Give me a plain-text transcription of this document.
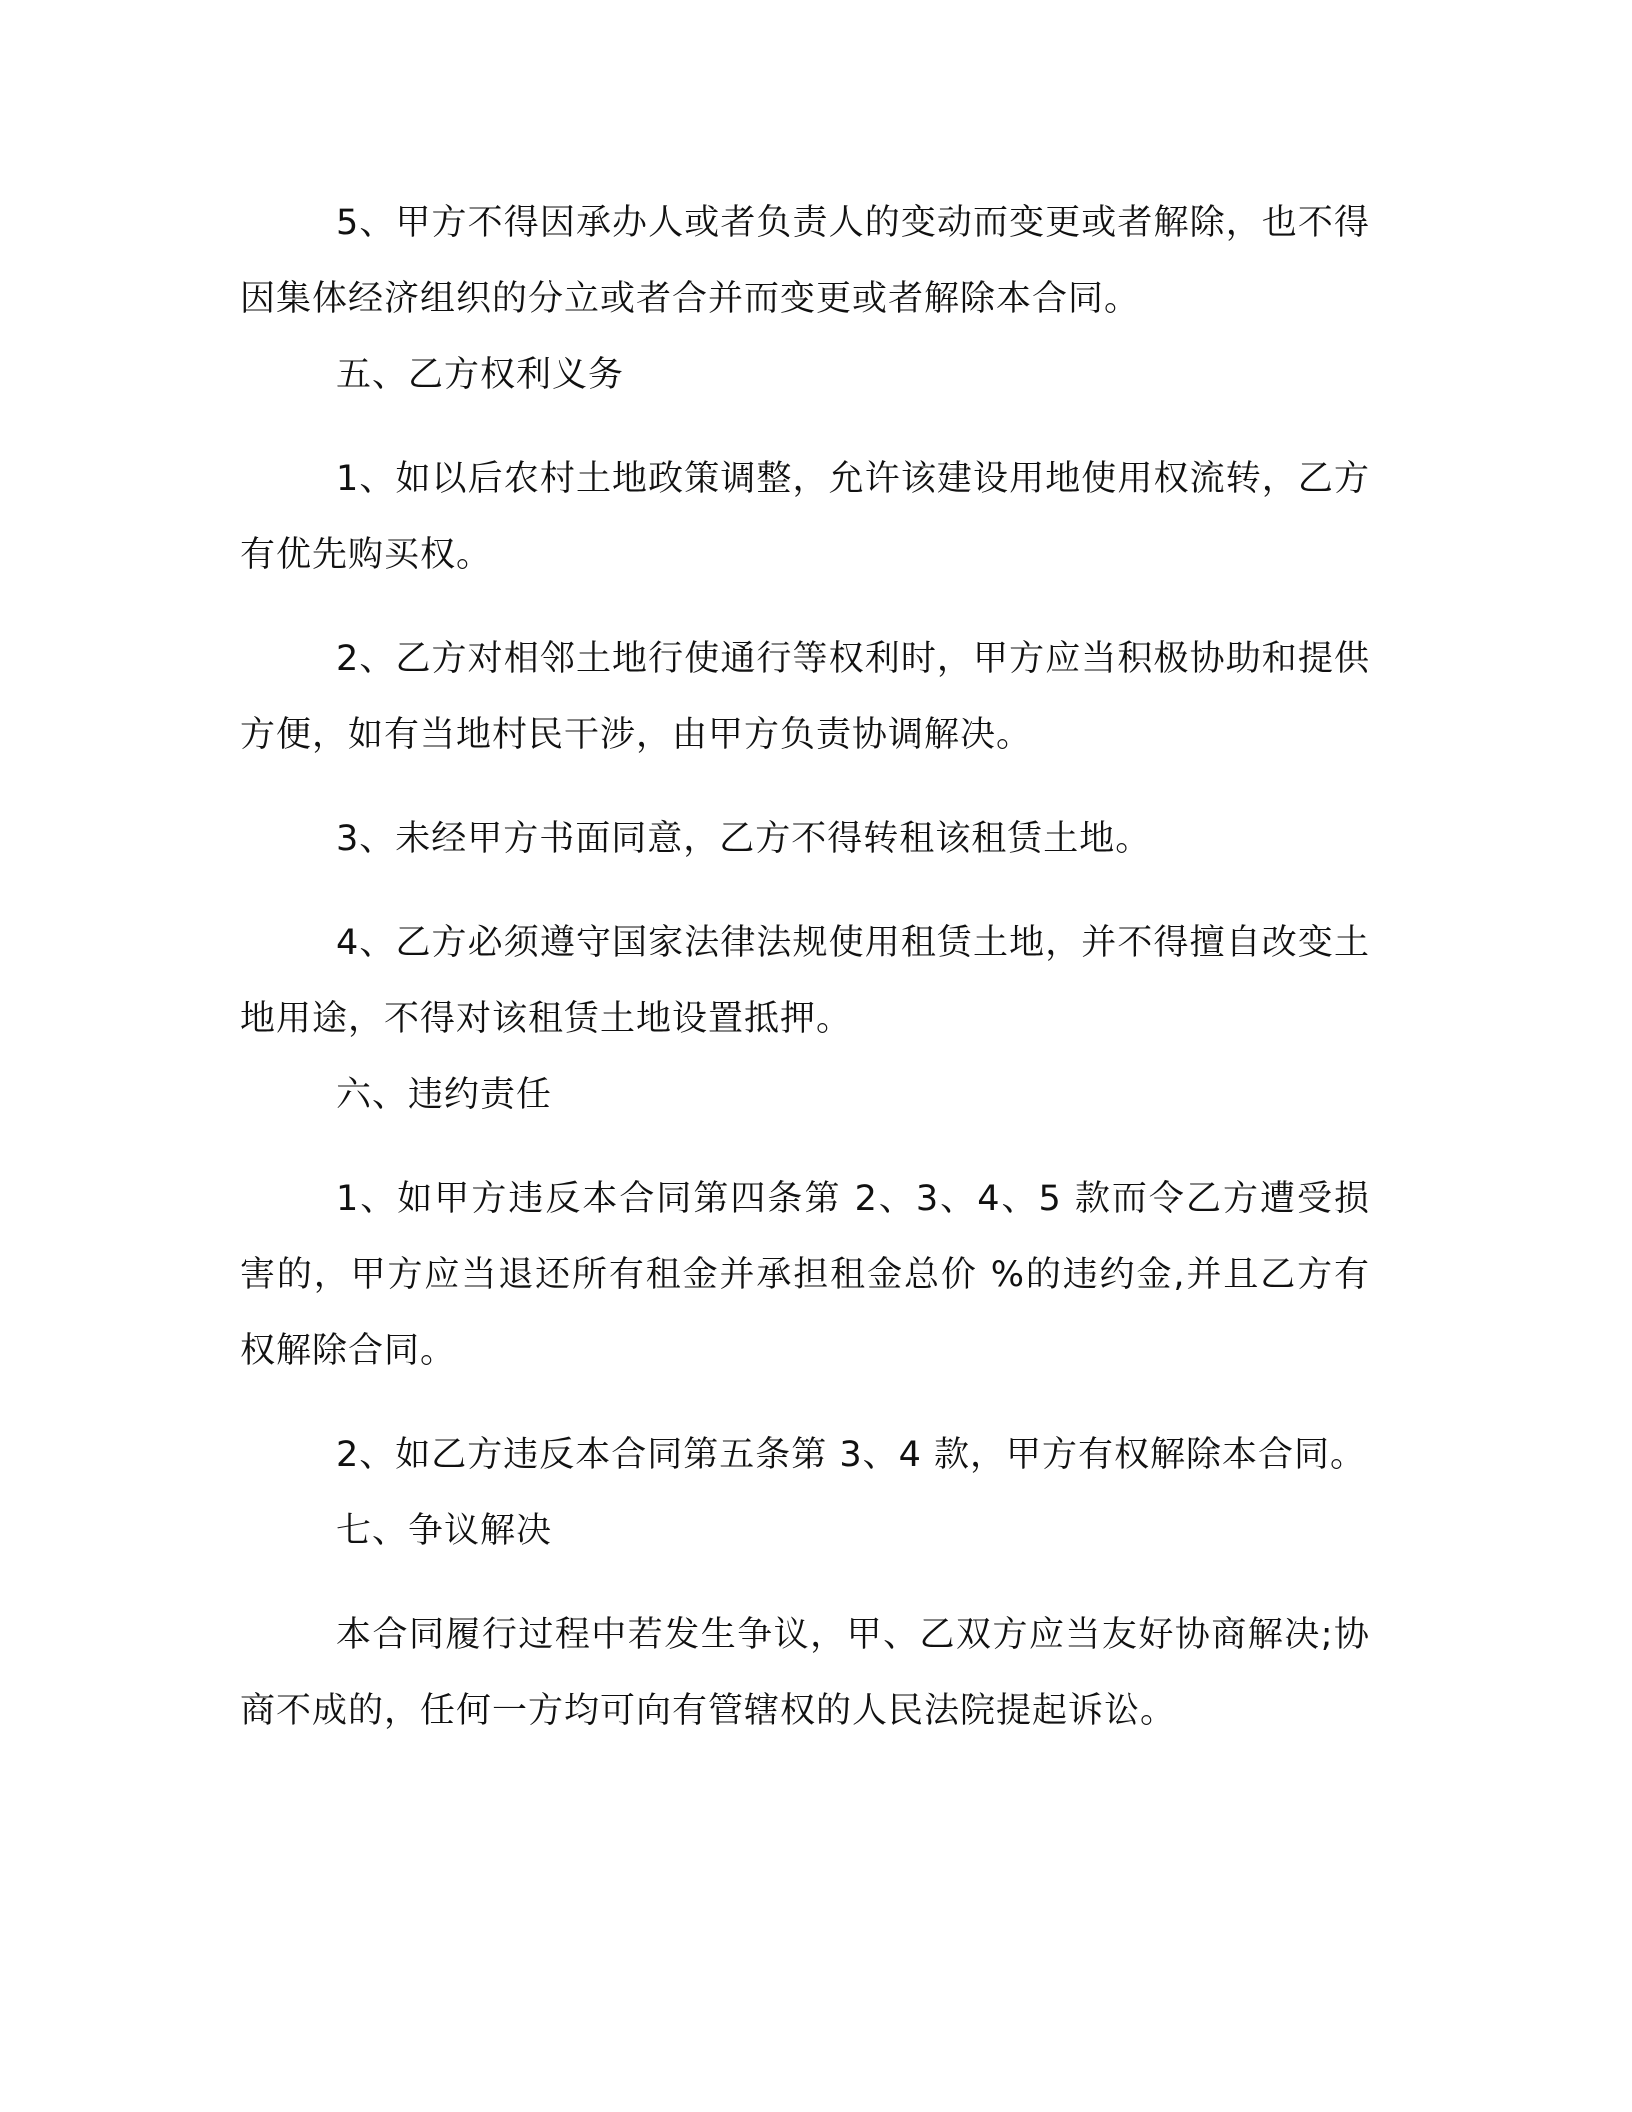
5、甲方不得因承办人或者负责人的变动而变更或者解除，也不得因集体经济组织的分立或者合并而变更或者解除本合同。

五、乙方权利义务

1、如以后农村土地政策调整，允许该建设用地使用权流转，乙方有优先购买权。

2、乙方对相邻土地行使通行等权利时，甲方应当积极协助和提供方便，如有当地村民干涉，由甲方负责协调解决。

3、未经甲方书面同意，乙方不得转租该租赁土地。

4、乙方必须遵守国家法律法规使用租赁土地，并不得擅自改变土地用途，不得对该租赁土地设置抵押。

六、违约责任

1、如甲方违反本合同第四条第 2、3、4、5 款而令乙方遭受损害的，甲方应当退还所有租金并承担租金总价 %的违约金,并且乙方有权解除合同。

2、如乙方违反本合同第五条第 3、4 款，甲方有权解除本合同。

七、争议解决

本合同履行过程中若发生争议，甲、乙双方应当友好协商解决;协商不成的，任何一方均可向有管辖权的人民法院提起诉讼。
